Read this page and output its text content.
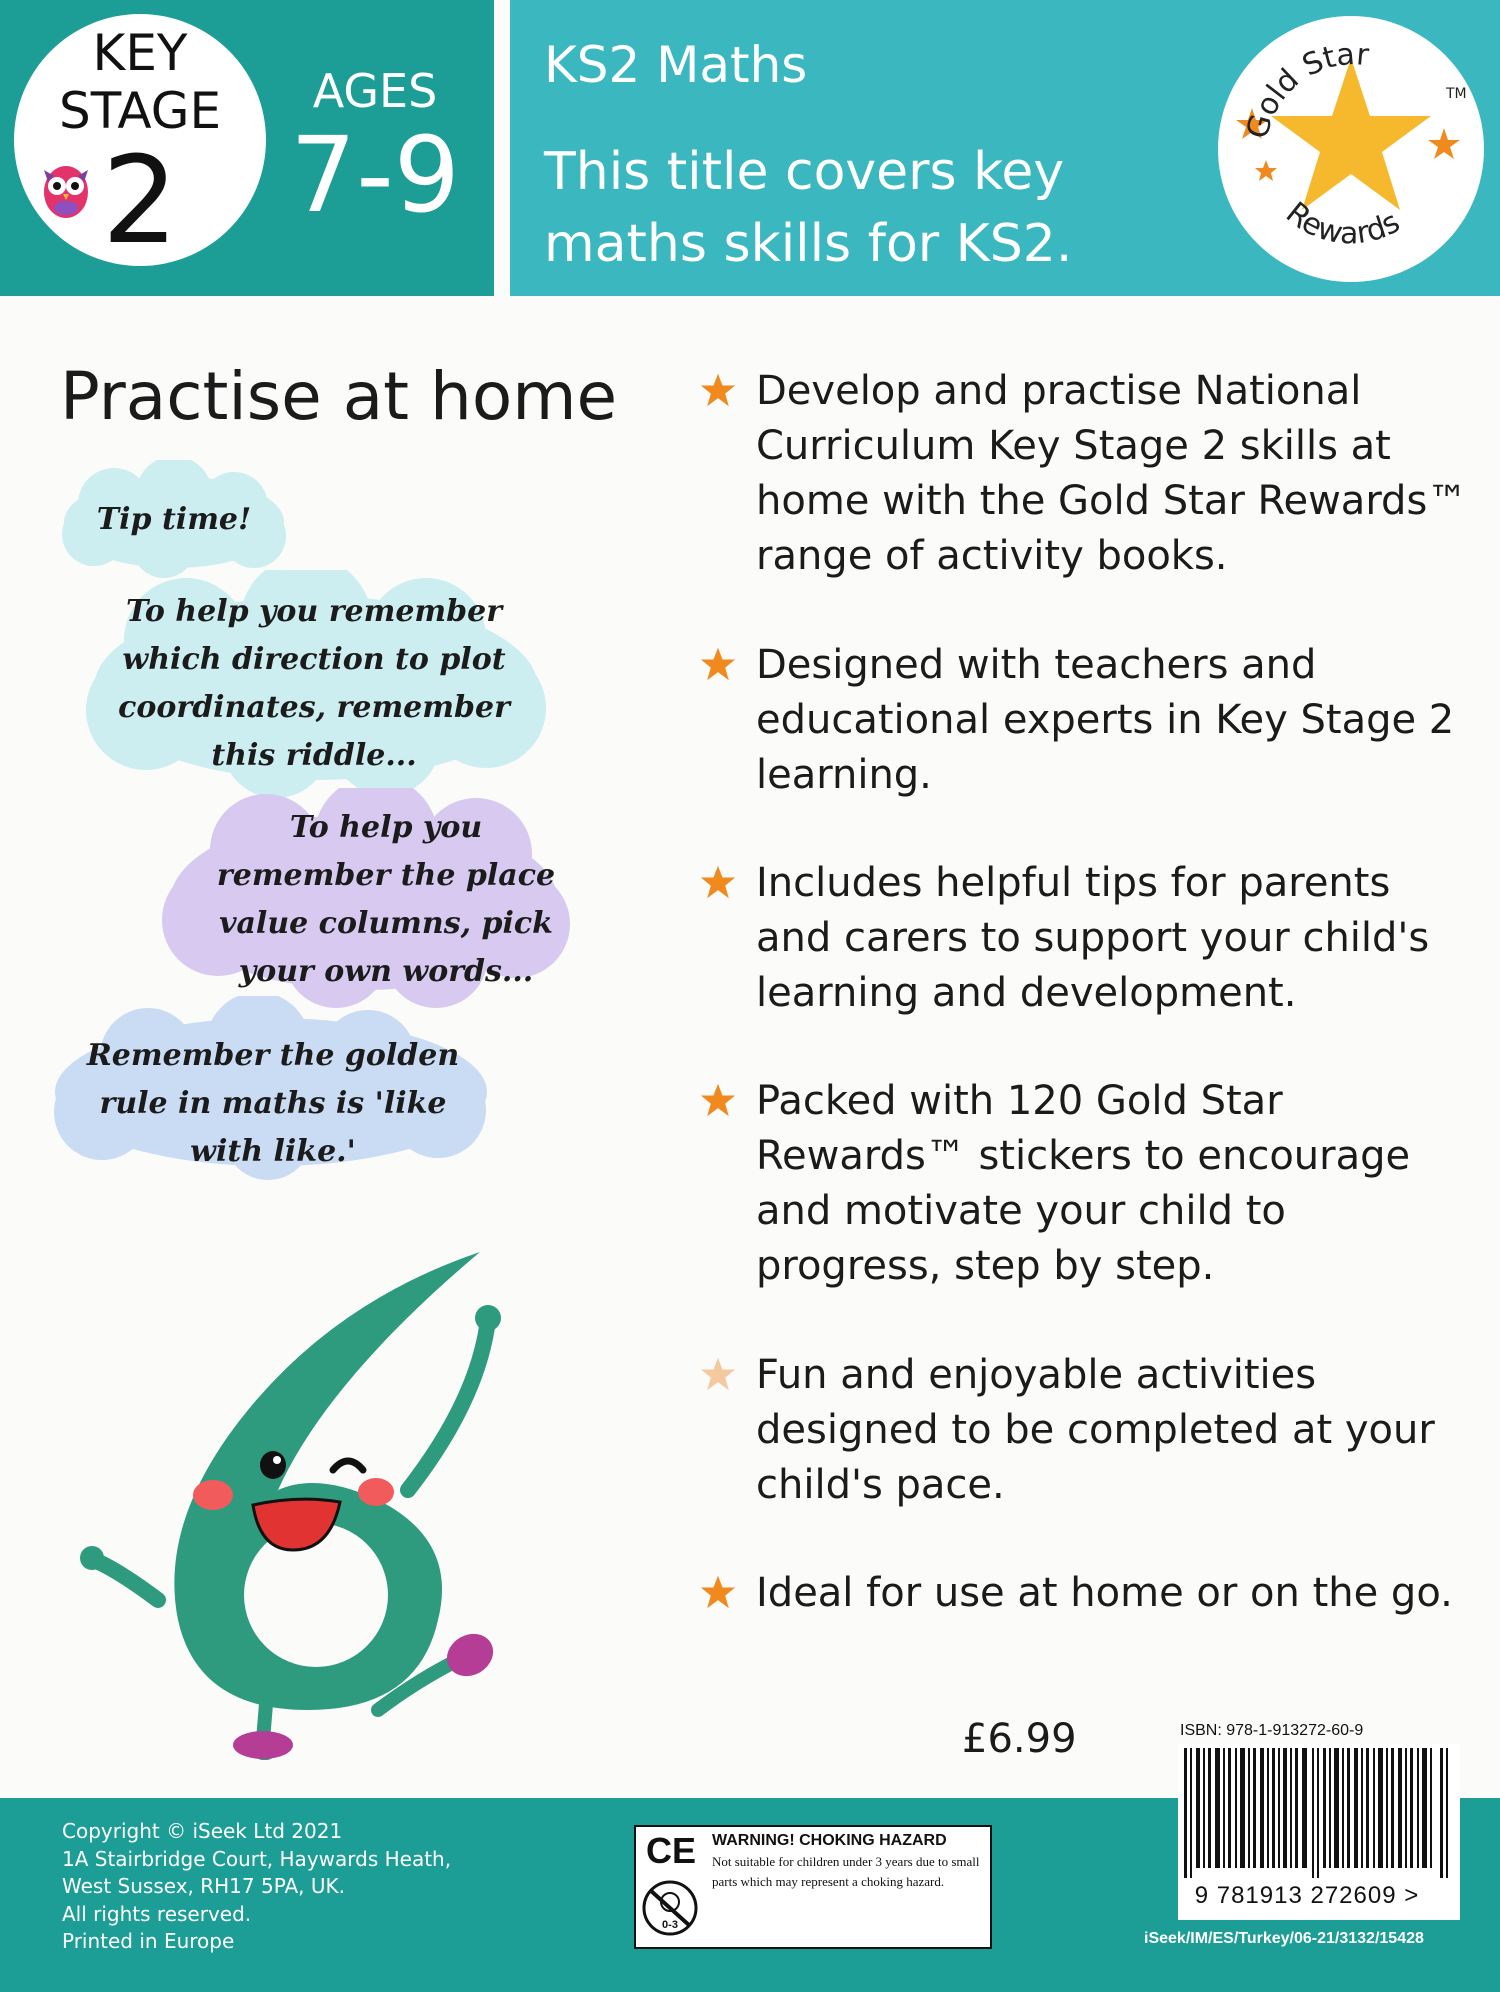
KEY
STAGE
2
AGES
7-9
KS2 Maths
This title covers key maths skills for KS2.
Gold Star
Rewards
TM
Practise at home
Tip time!
To help you remember which direction to plot coordinates, remember this riddle...
To help you remember the place value columns, pick your own words...
Remember the golden rule in maths is 'like with like.'
Develop and practise National Curriculum Key Stage 2 skills at home with the Gold Star Rewards™ range of activity books.
Designed with teachers and educational experts in Key Stage 2 learning.
Includes helpful tips for parents and carers to support your child's learning and development.
Packed with 120 Gold Star Rewards™ stickers to encourage and motivate your child to progress, step by step.
Fun and enjoyable activities designed to be completed at your child's pace.
Ideal for use at home or on the go.
£6.99	ISBN: 978-1-913272-60-9
9 781913 272609 >
Copyright © iSeek Ltd 2021
1A Stairbridge Court, Haywards Heath,
West Sussex, RH17 5PA, UK.
All rights reserved.
Printed in Europe
CE
0-3
WARNING! CHOKING HAZARD
Not suitable for children under 3 years due to small parts which may represent a choking hazard.
iSeek/IM/ES/Turkey/06-21/3132/15428
